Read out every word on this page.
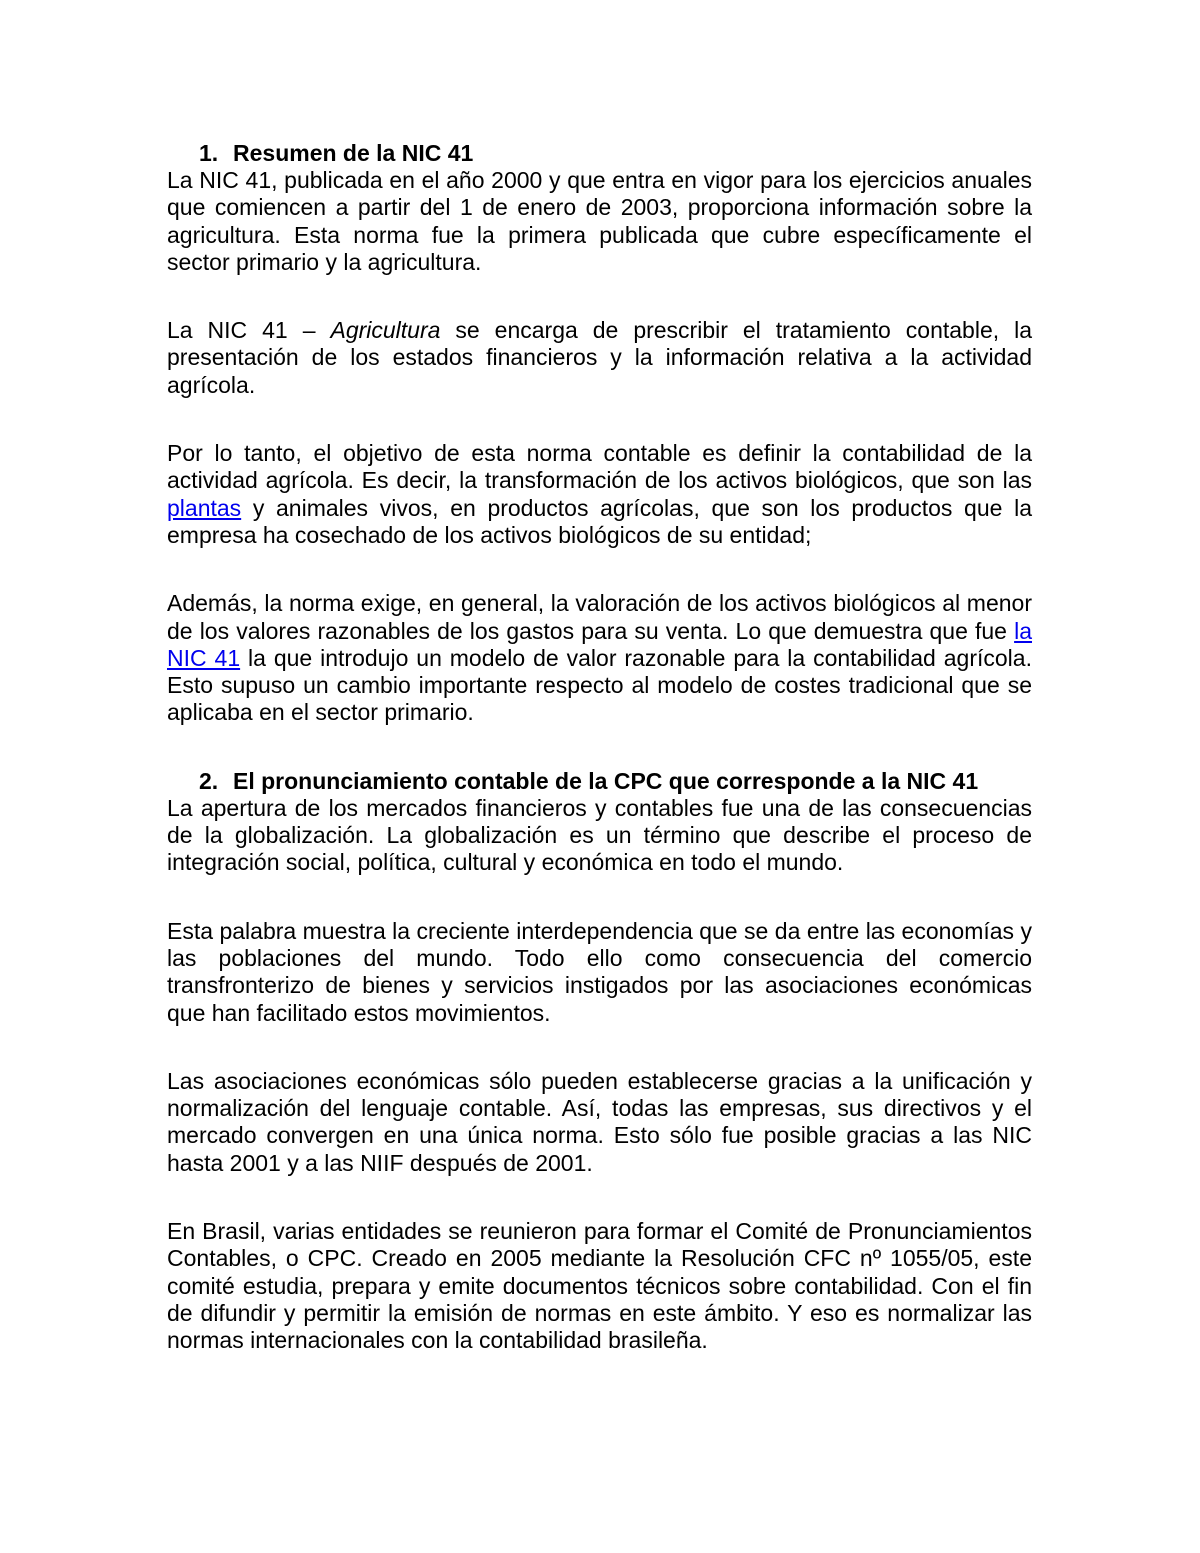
1. Resumen de la NIC 41

La NIC 41, publicada en el año 2000 y que entra en vigor para los ejercicios anuales que comiencen a partir del 1 de enero de 2003, proporciona información sobre la agricultura. Esta norma fue la primera publicada que cubre específicamente el sector primario y la agricultura.

La NIC 41 – Agricultura se encarga de prescribir el tratamiento contable, la presentación de los estados financieros y la información relativa a la actividad agrícola.

Por lo tanto, el objetivo de esta norma contable es definir la contabilidad de la actividad agrícola. Es decir, la transformación de los activos biológicos, que son las plantas y animales vivos, en productos agrícolas, que son los productos que la empresa ha cosechado de los activos biológicos de su entidad;

Además, la norma exige, en general, la valoración de los activos biológicos al menor de los valores razonables de los gastos para su venta. Lo que demuestra que fue la NIC 41 la que introdujo un modelo de valor razonable para la contabilidad agrícola. Esto supuso un cambio importante respecto al modelo de costes tradicional que se aplicaba en el sector primario.

2. El pronunciamiento contable de la CPC que corresponde a la NIC 41

La apertura de los mercados financieros y contables fue una de las consecuencias de la globalización. La globalización es un término que describe el proceso de integración social, política, cultural y económica en todo el mundo.

Esta palabra muestra la creciente interdependencia que se da entre las economías y las poblaciones del mundo. Todo ello como consecuencia del comercio transfronterizo de bienes y servicios instigados por las asociaciones económicas que han facilitado estos movimientos.

Las asociaciones económicas sólo pueden establecerse gracias a la unificación y normalización del lenguaje contable. Así, todas las empresas, sus directivos y el mercado convergen en una única norma. Esto sólo fue posible gracias a las NIC hasta 2001 y a las NIIF después de 2001.

En Brasil, varias entidades se reunieron para formar el Comité de Pronunciamientos Contables, o CPC. Creado en 2005 mediante la Resolución CFC nº 1055/05, este comité estudia, prepara y emite documentos técnicos sobre contabilidad. Con el fin de difundir y permitir la emisión de normas en este ámbito. Y eso es normalizar las normas internacionales con la contabilidad brasileña.
